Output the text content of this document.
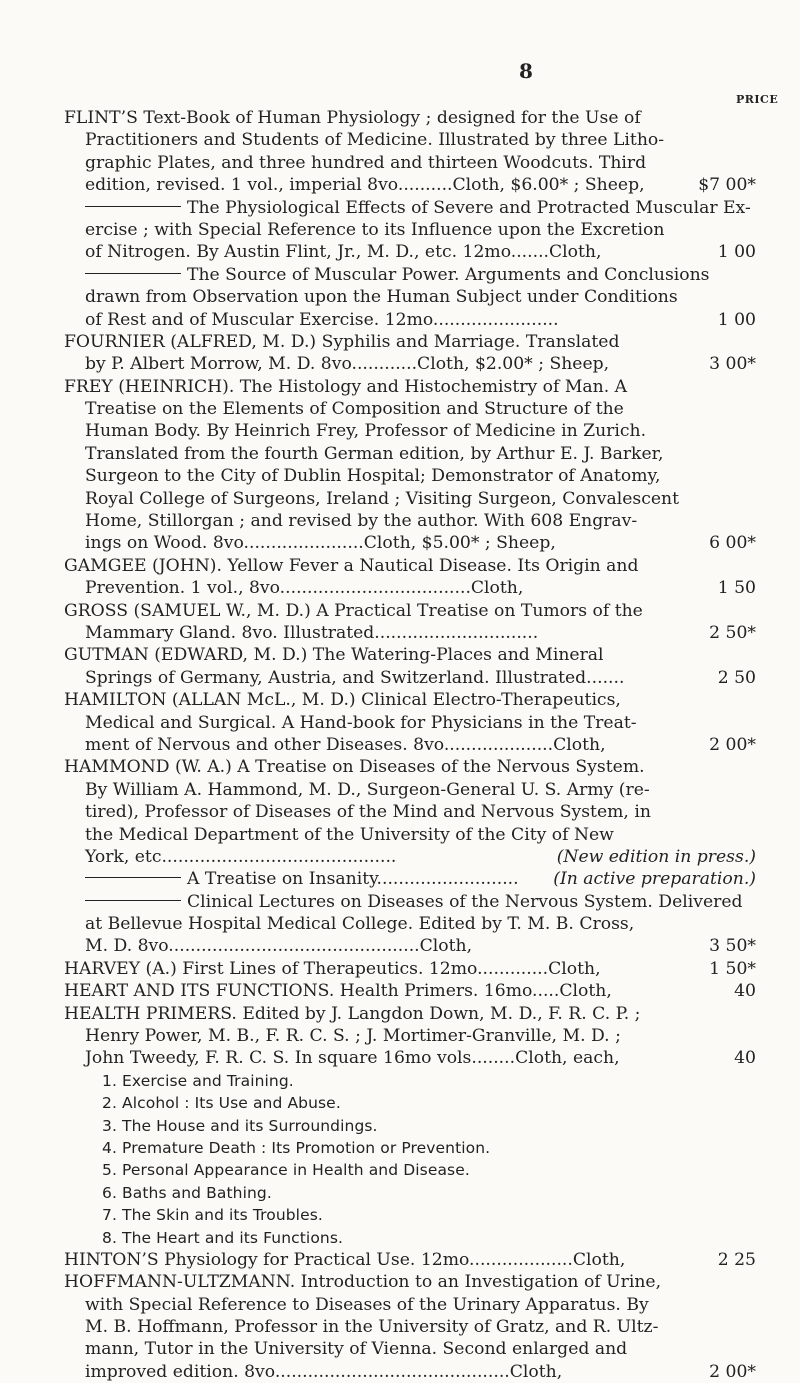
8
PRICE
FLINT’S Text-Book of Human Physiology ; designed for the Use of
Practitioners and Students of Medicine. Illustrated by three Litho-
graphic Plates, and three hundred and thirteen Woodcuts. Third
edition, revised. 1 vol., imperial 8vo..........Cloth, $6.00* ; Sheep,	$7 00*
The Physiological Effects of Severe and Protracted Muscular Ex-
ercise ; with Special Reference to its Influence upon the Excretion
of Nitrogen. By Austin Flint, Jr., M. D., etc. 12mo.......Cloth,	1 00
The Source of Muscular Power. Arguments and Conclusions
drawn from Observation upon the Human Subject under Conditions
of Rest and of Muscular Exercise. 12mo.......................	1 00
FOURNIER (ALFRED, M. D.) Syphilis and Marriage. Translated
by P. Albert Morrow, M. D. 8vo............Cloth, $2.00* ; Sheep,	3 00*
FREY (HEINRICH). The Histology and Histochemistry of Man. A
Treatise on the Elements of Composition and Structure of the
Human Body. By Heinrich Frey, Professor of Medicine in Zurich.
Translated from the fourth German edition, by Arthur E. J. Barker,
Surgeon to the City of Dublin Hospital; Demonstrator of Anatomy,
Royal College of Surgeons, Ireland ; Visiting Surgeon, Convalescent
Home, Stillorgan ; and revised by the author. With 608 Engrav-
ings on Wood. 8vo......................Cloth, $5.00* ; Sheep,	6 00*
GAMGEE (JOHN). Yellow Fever a Nautical Disease. Its Origin and
Prevention. 1 vol., 8vo...................................Cloth,	1 50
GROSS (SAMUEL W., M. D.) A Practical Treatise on Tumors of the
Mammary Gland. 8vo. Illustrated..............................	2 50*
GUTMAN (EDWARD, M. D.) The Watering-Places and Mineral
Springs of Germany, Austria, and Switzerland. Illustrated.......	2 50
HAMILTON (ALLAN McL., M. D.) Clinical Electro-Therapeutics,
Medical and Surgical. A Hand-book for Physicians in the Treat-
ment of Nervous and other Diseases. 8vo....................Cloth,	2 00*
HAMMOND (W. A.) A Treatise on Diseases of the Nervous System.
By William A. Hammond, M. D., Surgeon-General U. S. Army (re-
tired), Professor of Diseases of the Mind and Nervous System, in
the Medical Department of the University of the City of New
York, etc...........................................	(New edition in press.)
A Treatise on Insanity.......................... (In active preparation.)
Clinical Lectures on Diseases of the Nervous System. Delivered
at Bellevue Hospital Medical College. Edited by T. M. B. Cross,
M. D. 8vo..............................................Cloth,	3 50*
HARVEY (A.) First Lines of Therapeutics. 12mo.............Cloth,	1 50*
HEART AND ITS FUNCTIONS. Health Primers. 16mo.....Cloth,	40
HEALTH PRIMERS. Edited by J. Langdon Down, M. D., F. R. C. P. ;
Henry Power, M. B., F. R. C. S. ; J. Mortimer-Granville, M. D. ;
John Tweedy, F. R. C. S. In square 16mo vols........Cloth, each,	40
1. Exercise and Training.
2. Alcohol : Its Use and Abuse.
3. The House and its Surroundings.
4. Premature Death : Its Promotion or Prevention.
5. Personal Appearance in Health and Disease.
6. Baths and Bathing.
7. The Skin and its Troubles.
8. The Heart and its Functions.
HINTON’S Physiology for Practical Use. 12mo...................Cloth,	2 25
HOFFMANN-ULTZMANN. Introduction to an Investigation of Urine,
with Special Reference to Diseases of the Urinary Apparatus. By
M. B. Hoffmann, Professor in the University of Gratz, and R. Ultz-
mann, Tutor in the University of Vienna. Second enlarged and
improved edition. 8vo...........................................Cloth,	2 00*
